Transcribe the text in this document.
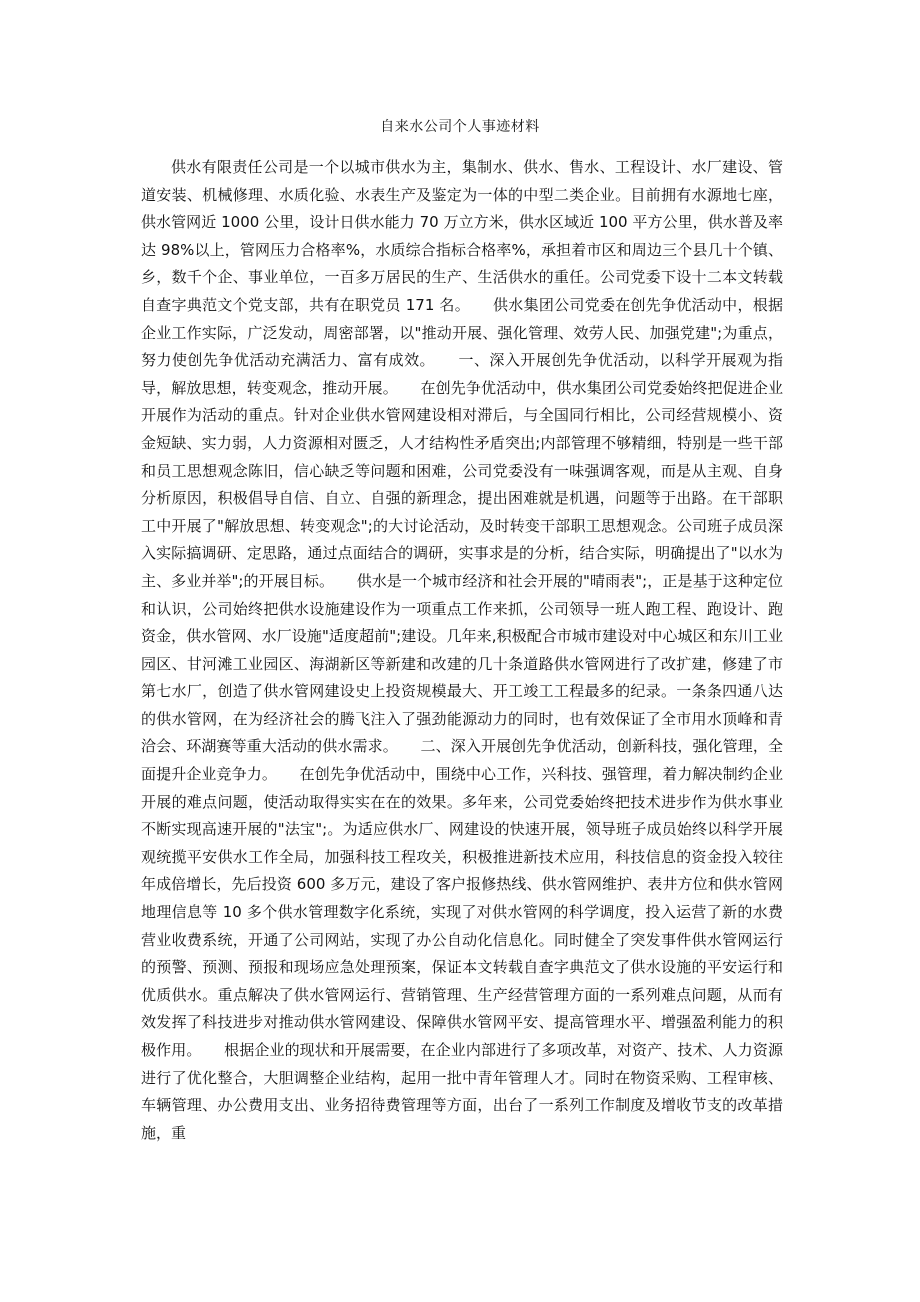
自来水公司个人事迹材料

供水有限责任公司是一个以城市供水为主，集制水、供水、售水、工程设计、水厂建设、管道安装、机械修理、水质化验、水表生产及鉴定为一体的中型二类企业。目前拥有水源地七座，供水管网近 1000 公里，设计日供水能力 70 万立方米，供水区域近 100 平方公里，供水普及率达 98%以上，管网压力合格率%，水质综合指标合格率%，承担着市区和周边三个县几十个镇、乡，数千个企、事业单位，一百多万居民的生产、生活供水的重任。公司党委下设十二本文转载自查字典范文个党支部，共有在职党员 171 名。　　供水集团公司党委在创先争优活动中，根据企业工作实际，广泛发动，周密部署，以"推动开展、强化管理、效劳人民、加强党建";为重点，努力使创先争优活动充满活力、富有成效。　　一、深入开展创先争优活动，以科学开展观为指导，解放思想，转变观念，推动开展。　　在创先争优活动中，供水集团公司党委始终把促进企业开展作为活动的重点。针对企业供水管网建设相对滞后，与全国同行相比，公司经营规模小、资金短缺、实力弱，人力资源相对匮乏，人才结构性矛盾突出;内部管理不够精细，特别是一些干部和员工思想观念陈旧，信心缺乏等问题和困难，公司党委没有一味强调客观，而是从主观、自身分析原因，积极倡导自信、自立、自强的新理念，提出困难就是机遇，问题等于出路。在干部职工中开展了"解放思想、转变观念";的大讨论活动，及时转变干部职工思想观念。公司班子成员深入实际搞调研、定思路，通过点面结合的调研，实事求是的分析，结合实际，明确提出了"以水为主、多业并举";的开展目标。　　供水是一个城市经济和社会开展的"晴雨表";，正是基于这种定位和认识，公司始终把供水设施建设作为一项重点工作来抓，公司领导一班人跑工程、跑设计、跑资金，供水管网、水厂设施"适度超前";建设。几年来,积极配合市城市建设对中心城区和东川工业园区、甘河滩工业园区、海湖新区等新建和改建的几十条道路供水管网进行了改扩建，修建了市第七水厂，创造了供水管网建设史上投资规模最大、开工竣工工程最多的纪录。一条条四通八达的供水管网，在为经济社会的腾飞注入了强劲能源动力的同时，也有效保证了全市用水顶峰和青洽会、环湖赛等重大活动的供水需求。　　二、深入开展创先争优活动，创新科技，强化管理，全面提升企业竞争力。　　在创先争优活动中，围绕中心工作，兴科技、强管理，着力解决制约企业开展的难点问题，使活动取得实实在在的效果。多年来，公司党委始终把技术进步作为供水事业不断实现高速开展的"法宝";。为适应供水厂、网建设的快速开展，领导班子成员始终以科学开展观统揽平安供水工作全局，加强科技工程攻关，积极推进新技术应用，科技信息的资金投入较往年成倍增长，先后投资 600 多万元，建设了客户报修热线、供水管网维护、表井方位和供水管网地理信息等 10 多个供水管理数字化系统，实现了对供水管网的科学调度，投入运营了新的水费营业收费系统，开通了公司网站，实现了办公自动化信息化。同时健全了突发事件供水管网运行的预警、预测、预报和现场应急处理预案，保证本文转载自查字典范文了供水设施的平安运行和优质供水。重点解决了供水管网运行、营销管理、生产经营管理方面的一系列难点问题，从而有效发挥了科技进步对推动供水管网建设、保障供水管网平安、提高管理水平、增强盈利能力的积极作用。　　根据企业的现状和开展需要，在企业内部进行了多项改革，对资产、技术、人力资源进行了优化整合，大胆调整企业结构，起用一批中青年管理人才。同时在物资采购、工程审核、车辆管理、办公费用支出、业务招待费管理等方面，出台了一系列工作制度及增收节支的改革措施，重
